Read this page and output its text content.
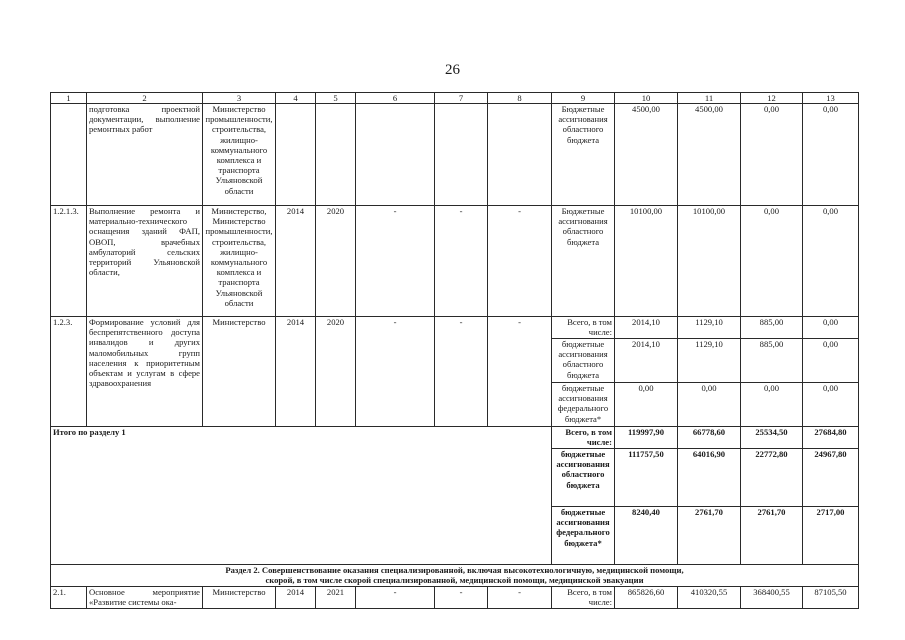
26
1	2	3	4	5	6	7	8	9	10	11	12	13
	подготовка проектной документации, выполнение ремонтных работ	Министерство промышленности, строительства, жилищно-коммунального комплекса и транспорта Ульяновской области						Бюджетные ассигнования областного бюджета	4500,00	4500,00	0,00	0,00
1.2.1.3.	Выполнение ремонта и материально-технического оснащения зданий ФАП, ОВОП, врачебных амбулаторий сельских территорий Ульяновской области,	Министерство, Министерство промышленности, строительства, жилищно-коммунального комплекса и транспорта Ульяновской области	2014	2020	-	-	-	Бюджетные ассигнования областного бюджета	10100,00	10100,00	0,00	0,00
1.2.3.	Формирование условий для беспрепятственного доступа инвалидов и других маломобильных групп населения к приоритетным объектам и услугам в сфере здравоохранения	Министерство	2014	2020	-	-	-	Всего, в том числе:	2014,10	1129,10	885,00	0,00
								бюджетные ассигнования областного бюджета	2014,10	1129,10	885,00	0,00
								бюджетные ассигнования федерального бюджета*	0,00	0,00	0,00	0,00
Итого по разделу 1								Всего, в том числе:	119997,90	66778,60	25534,50	27684,80
								бюджетные ассигнования областного бюджета	111757,50	64016,90	22772,80	24967,80
								бюджетные ассигнования федерального бюджета*	8240,40	2761,70	2761,70	2717,00

Раздел 2. Совершенствование оказания специализированной, включая высокотехнологичную, медицинской помощи,
скорой, в том числе скорой специализированной, медицинской помощи, медицинской эвакуации												

2.1.	Основное мероприятие «Развитие системы ока-	Министерство	2014	2021	-	-	-	Всего, в том числе:	865826,60	410320,55	368400,55	87105,50
